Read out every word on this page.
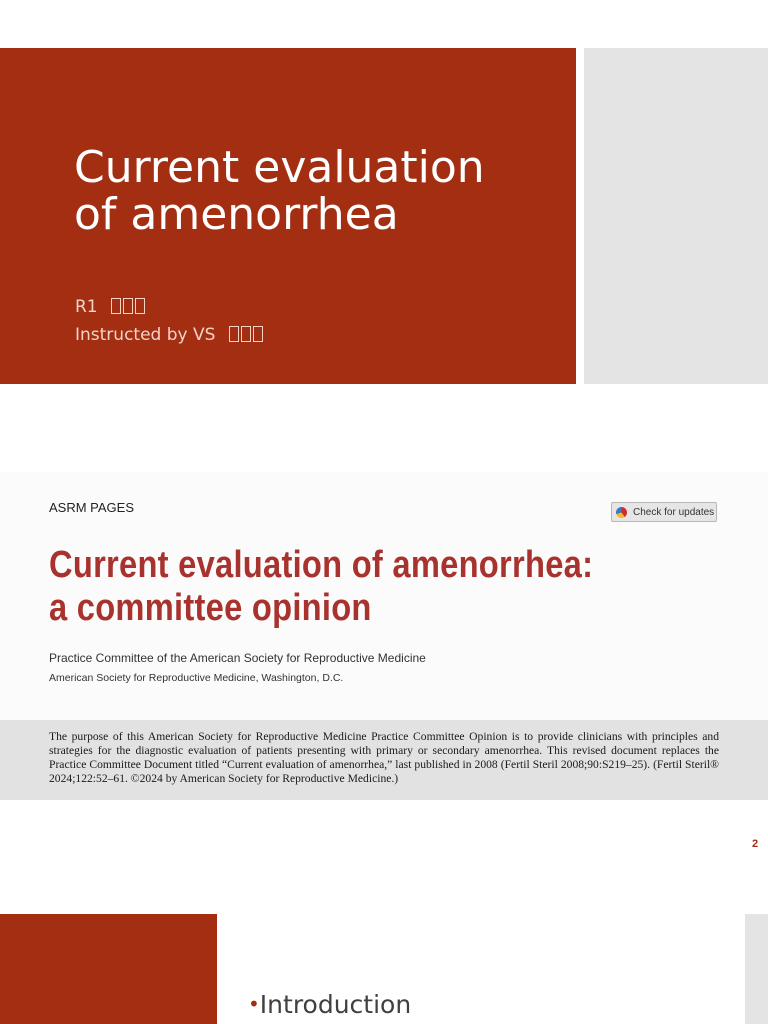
Current evaluation
of amenorrhea
R1
Instructed by VS
ASRM PAGES	Check for updates
Current evaluation of amenorrhea:
a committee opinion
Practice Committee of the American Society for Reproductive Medicine
American Society for Reproductive Medicine, Washington, D.C.
The purpose of this American Society for Reproductive Medicine Practice Committee Opinion is to provide clinicians with principles and strategies for the diagnostic evaluation of patients presenting with primary or secondary amenorrhea. This revised document replaces the Practice Committee Document titled “Current evaluation of amenorrhea,” last published in 2008 (Fertil Steril 2008;90:S219–25). (Fertil Steril® 2024;122:52–61. ©2024 by American Society for Reproductive Medicine.)
2
•Introduction
